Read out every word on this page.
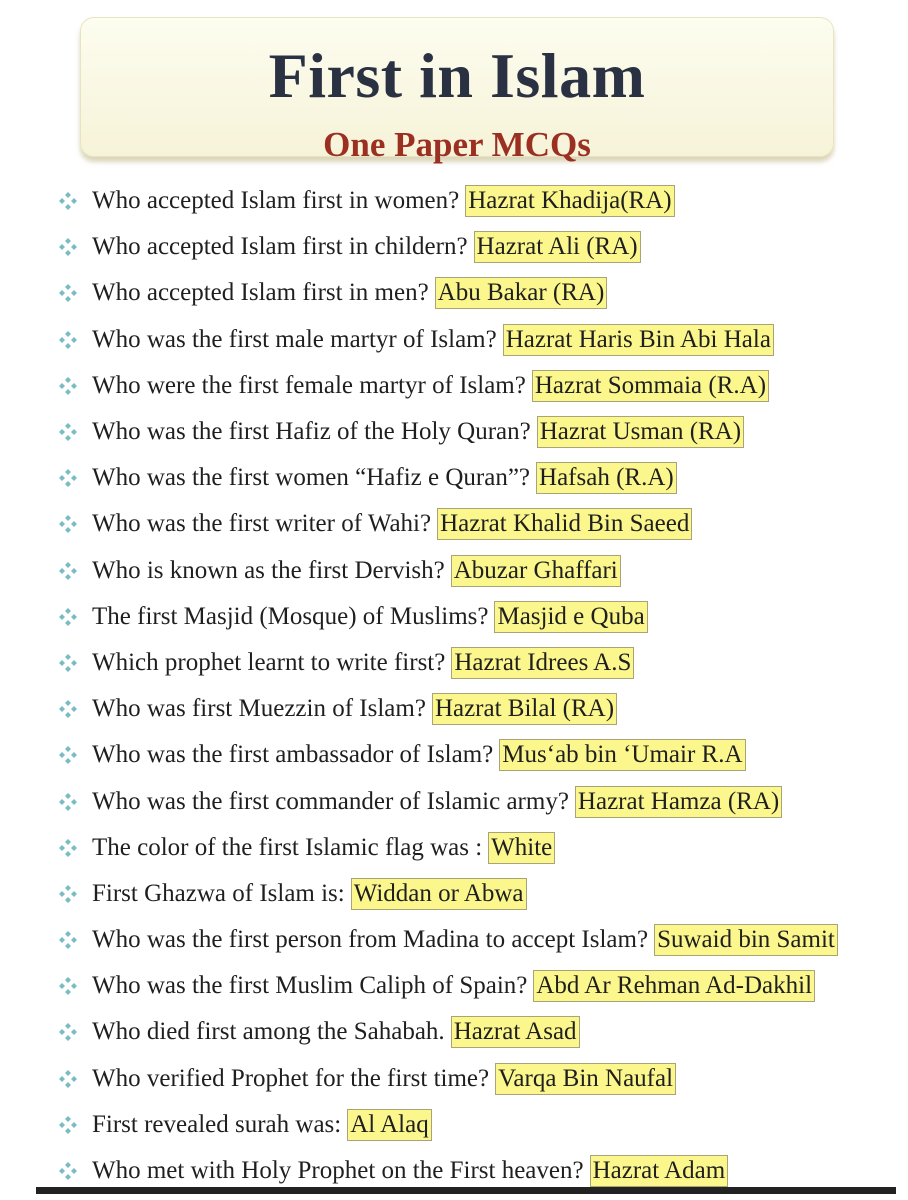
First in Islam
One Paper MCQs
Who accepted Islam first in women? Hazrat Khadija(RA)
Who accepted Islam first in childern? Hazrat Ali (RA)
Who accepted Islam first in men? Abu Bakar (RA)
Who was the first male martyr of Islam? Hazrat Haris Bin Abi Hala
Who were the first female martyr of Islam? Hazrat Sommaia (R.A)
Who was the first Hafiz of the Holy Quran? Hazrat Usman (RA)
Who was the first women “Hafiz e Quran”? Hafsah (R.A)
Who was the first writer of Wahi? Hazrat Khalid Bin Saeed
Who is known as the first Dervish? Abuzar Ghaffari
The first Masjid (Mosque) of Muslims? Masjid e Quba
Which prophet learnt to write first? Hazrat Idrees A.S
Who was first Muezzin of Islam? Hazrat Bilal (RA)
Who was the first ambassador of Islam? Mus‘ab bin ‘Umair R.A
Who was the first commander of Islamic army? Hazrat Hamza (RA)
The color of the first Islamic flag was : White
First Ghazwa of Islam is: Widdan or Abwa
Who was the first person from Madina to accept Islam? Suwaid bin Samit
Who was the first Muslim Caliph of Spain? Abd Ar Rehman Ad-Dakhil
Who died first among the Sahabah. Hazrat Asad
Who verified Prophet for the first time? Varqa Bin Naufal
First revealed surah was: Al Alaq
Who met with Holy Prophet on the First heaven? Hazrat Adam
